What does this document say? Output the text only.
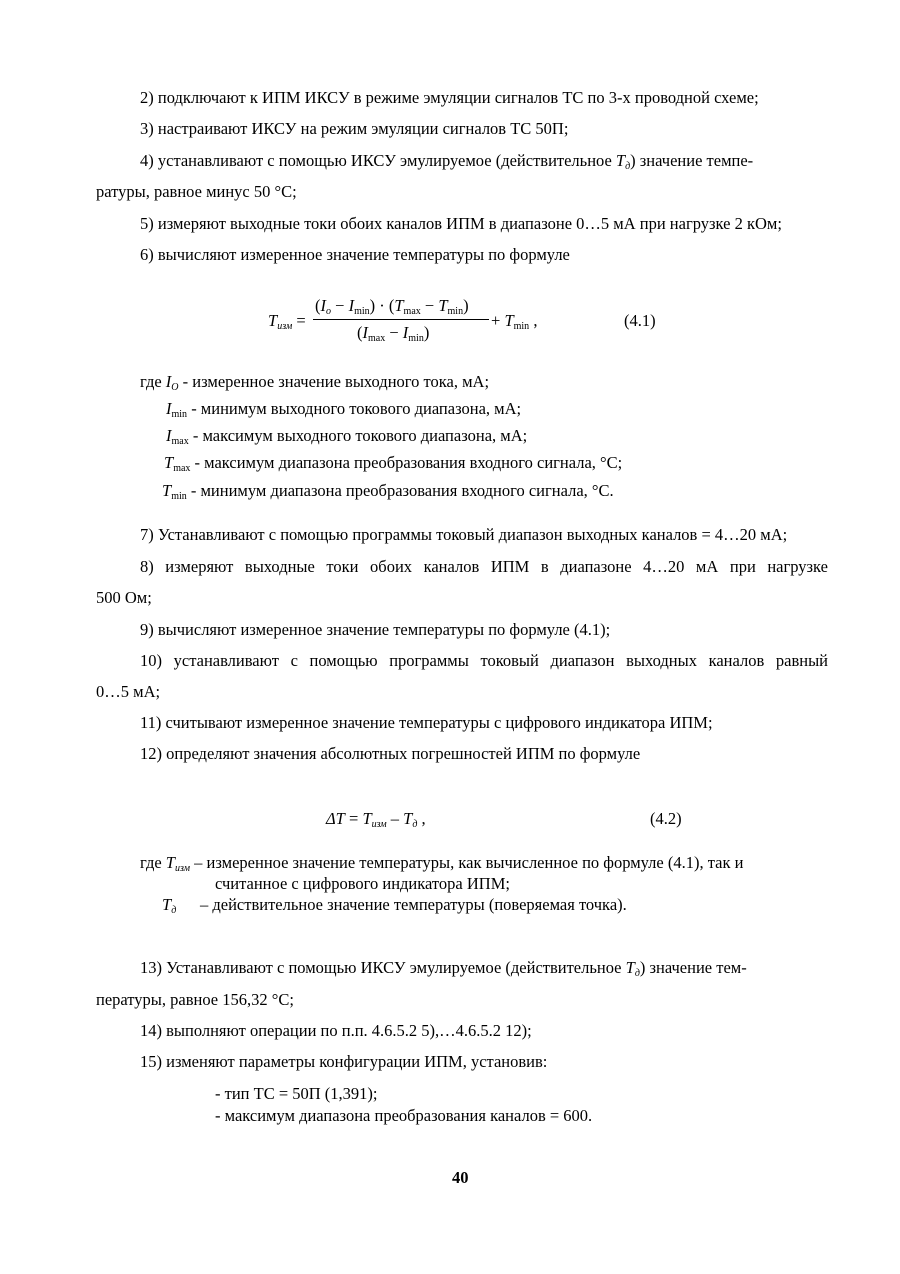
2) подключают к ИПМ ИКСУ в режиме эмуляции сигналов ТС по 3-х проводной схеме;
3) настраивают ИКСУ на режим эмуляции сигналов ТС 50П;
4) устанавливают с помощью ИКСУ эмулируемое (действительное $T_д$) значение темпе-
ратуры, равное минус 50 °С;
5) измеряют выходные токи обоих каналов ИПМ в диапазоне 0…5 мА при нагрузке 2 кОм;
6) вычисляют измеренное значение температуры по формуле
$T_{изм}$ =
$(I_o - I_{min}) \cdot (T_{max} - T_{min})$
$(I_{max} - I_{min})$
+ $T_{min}$ ,	(4.1)
где $I_O$ - измеренное значение выходного тока, мА;
$I_{min}$ - минимум выходного токового диапазона, мА;
$I_{max}$ - максимум выходного токового диапазона, мА;
$T_{max}$ - максимум диапазона преобразования входного сигнала, °С;
$T_{min}$ - минимум диапазона преобразования входного сигнала, °С.
7) Устанавливают с помощью программы токовый диапазон выходных каналов = 4…20 мА;
8) измеряют выходные токи обоих каналов ИПМ в диапазоне 4…20 мА при нагрузке
500 Ом;
9) вычисляют измеренное значение температуры по формуле (4.1);
10) устанавливают с помощью программы токовый диапазон выходных каналов равный
0…5 мА;
11) считывают измеренное значение температуры с цифрового индикатора ИПМ;
12) определяют значения абсолютных погрешностей ИПМ по формуле
$\Delta T = T_{изм} - T_д$ ,	(4.2)
где $T_{изм}$ – измеренное значение температуры, как вычисленное по формуле (4.1), так и
считанное с цифрового индикатора ИПМ;
$T_д$ – действительное значение температуры (поверяемая точка).
13) Устанавливают с помощью ИКСУ эмулируемое (действительное $T_д$) значение тем-
пературы, равное 156,32 °С;
14) выполняют операции по п.п. 4.6.5.2 5),…4.6.5.2 12);
15) изменяют параметры конфигурации ИПМ, установив:
- тип ТС = 50П (1,391);
- максимум диапазона преобразования каналов = 600.
40
